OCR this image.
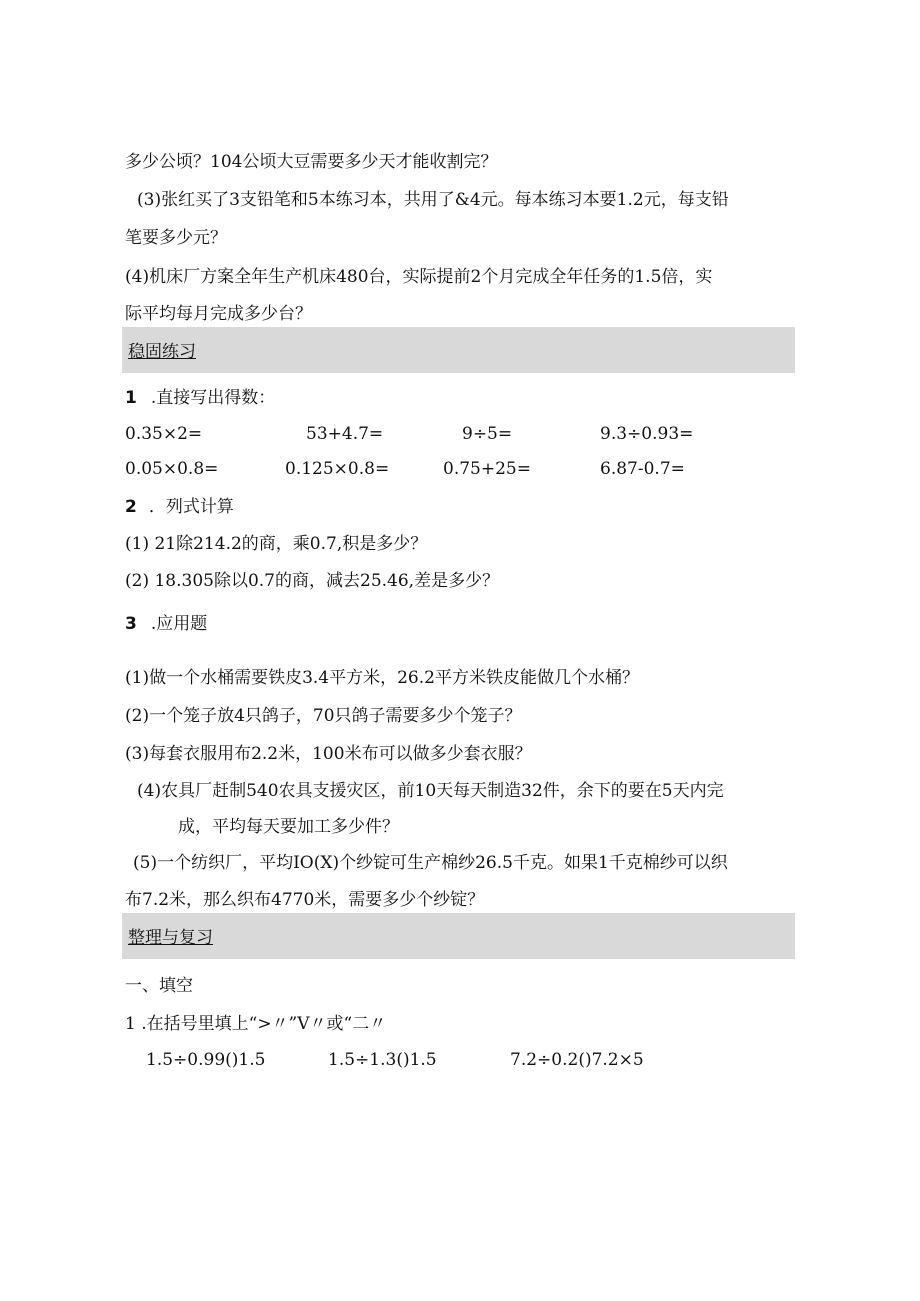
多少公顷？104公顷大豆需要多少天才能收割完？
(3)张红买了3支铅笔和5本练习本，共用了&4元。每本练习本要1.2元，每支铅
笔要多少元？
(4)机床厂方案全年生产机床480台，实际提前2个月完成全年任务的1.5倍，实
际平均每月完成多少台？
稳固练习
1 .直接写出得数：
0.35×2=	53+4.7=	9÷5=	9.3÷0.93=
0.05×0.8=	0.125×0.8=	0.75+25=	6.87-0.7=
2 ．列式计算
(1) 21除214.2的商，乘0.7,积是多少？
(2) 18.305除以0.7的商，减去25.46,差是多少？
3 .应用题
(1)做一个水桶需要铁皮3.4平方米，26.2平方米铁皮能做几个水桶？
(2)一个笼子放4只鸽子，70只鸽子需要多少个笼子？
(3)每套衣服用布2.2米，100米布可以做多少套衣服？
(4)农具厂赶制540农具支援灾区，前10天每天制造32件，余下的要在5天内完
成，平均每天要加工多少件？
(5)一个纺织厂，平均IO(X)个纱锭可生产棉纱26.5千克。如果1千克棉纱可以织
布7.2米，那么织布4770米，需要多少个纱锭？
整理与复习
一、填空
1 .在括号里填上“>〃”V〃或“二〃
1.5÷0.99()1.5	1.5÷1.3()1.5	7.2÷0.2()7.2×5
